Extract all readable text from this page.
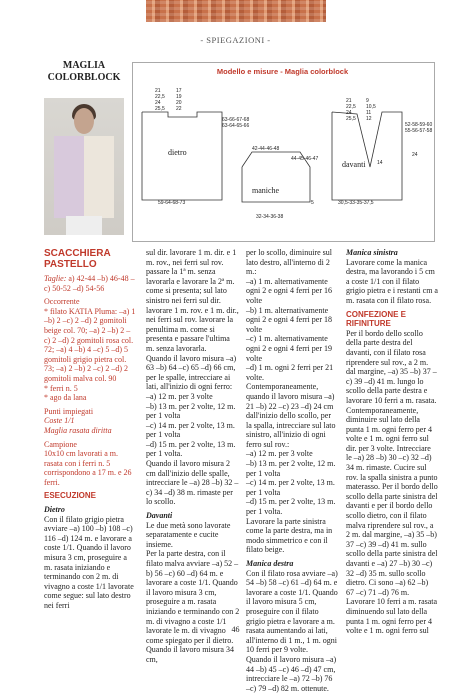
- SPIEGAZIONI -
MAGLIA
COLORBLOCK
Modello e misure - Maglia colorblock
21
22,5
24
25,5
17
19
20
22
63-66-67-68
63-64-65-66
dietro
59-64-68-73
42-44-46-48
44-45-46-47
maniche
5
32-34-36-38
21
22,5
24
25,5
9
10,5
11
12
52-58-59-60
55-56-57-58
davanti 14
24
30,5-33-35-37,5
SCACCHIERA PASTELLO

Taglie: a) 42-44 –b) 46-48 –c) 50-52 –d) 54-56

Occorrente

* filato KATIA Pluma: –a) 1 –b) 2 –c) 2 –d) 2 gomitoli beige col. 70; –a) 2 –b) 2 –c) 2 –d) 2 gomitoli rosa col. 72; –a) 4 –b) 4 –c) 5 –d) 5 gomitoli grigio pietra col. 73; –a) 2 –b) 2 –c) 2 –d) 2 gomitoli malva col. 90
* ferri n. 5
* ago da lana

Punti impiegati

Coste 1/1
Maglia rasata diritta

Campione

10x10 cm lavorati a m. rasata con i ferri n. 5 corrispondono a 17 m. e 26 ferri.

ESECUZIONE

Dietro

Con il filato grigio pietra avviare –a) 100 –b) 108 –c) 116 –d) 124 m. e lavorare a coste 1/1. Quando il lavoro misura 3 cm, proseguire a m. rasata iniziando e terminando con 2 m. di vivagno a coste 1/1 lavorate come segue: sul lato destro nei ferri

sul dir. lavorare 1 m. dir. e 1 m. rov., nei ferri sul rov. passare la 1ª m. senza lavorarla e lavorare la 2ª m. come si presenta; sul lato sinistro nei ferri sul dir. lavorare 1 m. rov. e 1 m. dir., nei ferri sul rov. lavorare la penultima m. come si presenta e passare l'ultima m. senza lavorarla.
Quando il lavoro misura –a) 63 –b) 64 –c) 65 –d) 66 cm, per le spalle, intrecciare ai lati, all'inizio di ogni ferro:
–a) 12 m. per 3 volte
–b) 13 m. per 2 volte, 12 m. per 1 volta
–c) 14 m. per 2 volte, 13 m. per 1 volta
–d) 15 m. per 2 volte, 13 m. per 1 volta.
Quando il lavoro misura 2 cm dall'inizio delle spalle, intrecciare le –a) 28 –b) 32 –c) 34 –d) 38 m. rimaste per lo scollo.

Davanti

Le due metà sono lavorate separatamente e cucite insieme.
Per la parte destra, con il filato malva avviare –a) 52 –b) 56 –c) 60 –d) 64 m. e lavorare a coste 1/1. Quando il lavoro misura 3 cm, proseguire a m. rasata iniziando e terminando con 2 m. di vivagno a coste 1/1 lavorate le m. di vivagno come spiegato per il dietro.
Quando il lavoro misura 34 cm,

per lo scollo, diminuire sul lato destro, all'interno di 2 m.:
–a) 1 m. alternativamente ogni 2 e ogni 4 ferri per 16 volte
–b) 1 m. alternativamente ogni 2 e ogni 4 ferri per 18 volte
–c) 1 m. alternativamente ogni 2 e ogni 4 ferri per 19 volte
–d) 1 m. ogni 2 ferri per 21 volte.
Contemporaneamente, quando il lavoro misura –a) 21 –b) 22 –c) 23 –d) 24 cm dall'inizio dello scollo, per la spalla, intrecciare sul lato sinistro, all'inizio di ogni ferro sul rov.:
–a) 12 m. per 3 volte
–b) 13 m. per 2 volte, 12 m. per 1 volta
–c) 14 m. per 2 volte, 13 m. per 1 volta
–d) 15 m. per 2 volte, 13 m. per 1 volta.
Lavorare la parte sinistra come la parte destra, ma in modo simmetrico e con il filato beige.

Manica destra

Con il filato rosa avviare –a) 54 –b) 58 –c) 61 –d) 64 m. e lavorare a coste 1/1. Quando il lavoro misura 5 cm, proseguire con il filato grigio pietra e lavorare a m. rasata aumentando ai lati, all'interno di 1 m., 1 m. ogni 10 ferri per 9 volte.
Quando il lavoro misura –a) 44 –b) 45 –c) 46 –d) 47 cm, intrecciare le –a) 72 –b) 76 –c) 79 –d) 82 m. ottenute.

Manica sinistra

Lavorare come la manica destra, ma lavorando i 5 cm a coste 1/1 con il filato grigio pietra e i restanti cm a m. rasata con il filato rosa.

CONFEZIONE E RIFINITURE

Per il bordo dello scollo della parte destra del davanti, con il filato rosa riprendere sul rov., a 2 m. dal margine, –a) 35 –b) 37 –c) 39 –d) 41 m. lungo lo scollo della parte destra e lavorare 10 ferri a m. rasata. Contemporaneamente, diminuire sul lato della punta 1 m. ogni ferro per 4 volte e 1 m. ogni ferro sul dir. per 3 volte. Intrecciare le –a) 28 –b) 30 –c) 32 –d) 34 m. rimaste. Cucire sul rov. la spalla sinistra a punto materasso. Per il bordo dello scollo della parte sinistra del davanti e per il bordo dello scollo dietro, con il filato malva riprendere sul rov., a 2 m. dal margine, –a) 35 –b) 37 –c) 39 –d) 41 m. sullo scollo della parte sinistra del davanti e –a) 27 –b) 30 –c) 32 –d) 35 m. sullo scollo dietro. Ci sono –a) 62 –b) 67 –c) 71 –d) 76 m. Lavorare 10 ferri a m. rasata diminuendo sul lato della punta 1 m. ogni ferro per 4 volte e 1 m. ogni ferro sul

46
